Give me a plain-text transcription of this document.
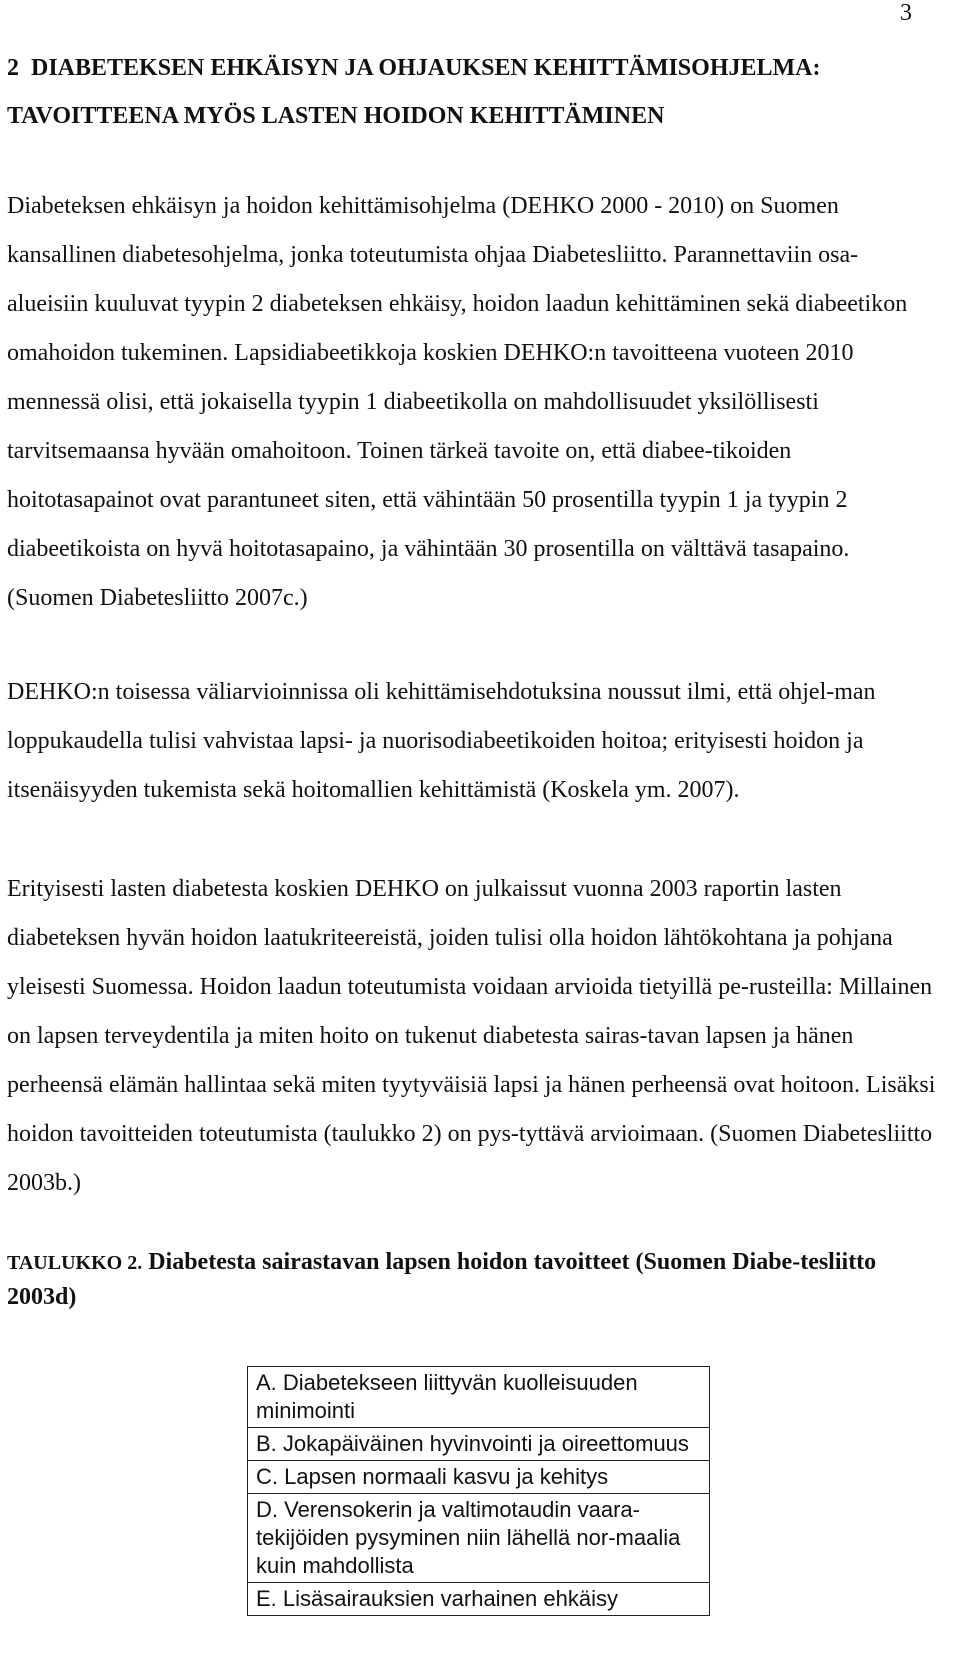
3
2 DIABETEKSEN EHKÄISYN JA OHJAUKSEN KEHITTÄMISOHJELMA:
TAVOITTEENA MYÖS LASTEN HOIDON KEHITTÄMINEN

Diabeteksen ehkäisyn ja hoidon kehittämisohjelma (DEHKO 2000 - 2010) on Suomen kansallinen diabetesohjelma, jonka toteutumista ohjaa Diabetesliitto. Parannettaviin osa-alueisiin kuuluvat tyypin 2 diabeteksen ehkäisy, hoidon laadun kehittäminen sekä diabeetikon omahoidon tukeminen. Lapsidiabeetikkoja koskien DEHKO:n tavoitteena vuoteen 2010 mennessä olisi, että jokaisella tyypin 1 diabeetikolla on mahdollisuudet yksilöllisesti tarvitsemaansa hyvään omahoitoon. Toinen tärkeä tavoite on, että diabee-tikoiden hoitotasapainot ovat parantuneet siten, että vähintään 50 prosentilla tyypin 1 ja tyypin 2 diabeetikoista on hyvä hoitotasapaino, ja vähintään 30 prosentilla on välttävä tasapaino. (Suomen Diabetesliitto 2007c.)

DEHKO:n toisessa väliarvioinnissa oli kehittämisehdotuksina noussut ilmi, että ohjel-man loppukaudella tulisi vahvistaa lapsi- ja nuorisodiabeetikoiden hoitoa; erityisesti hoidon ja itsenäisyyden tukemista sekä hoitomallien kehittämistä (Koskela ym. 2007).

Erityisesti lasten diabetesta koskien DEHKO on julkaissut vuonna 2003 raportin lasten diabeteksen hyvän hoidon laatukriteereistä, joiden tulisi olla hoidon lähtökohtana ja pohjana yleisesti Suomessa. Hoidon laadun toteutumista voidaan arvioida tietyillä pe-rusteilla: Millainen on lapsen terveydentila ja miten hoito on tukenut diabetesta sairas-tavan lapsen ja hänen perheensä elämän hallintaa sekä miten tyytyväisiä lapsi ja hänen perheensä ovat hoitoon. Lisäksi hoidon tavoitteiden toteutumista (taulukko 2) on pys-tyttävä arvioimaan. (Suomen Diabetesliitto 2003b.)

TAULUKKO 2. Diabetesta sairastavan lapsen hoidon tavoitteet (Suomen Diabe-tesliitto 2003d)

A. Diabetekseen liittyvän kuolleisuuden minimointi
B. Jokapäiväinen hyvinvointi ja oireettomuus
C. Lapsen normaali kasvu ja kehitys
D. Verensokerin ja valtimotaudin vaara-tekijöiden pysyminen niin lähellä nor-maalia kuin mahdollista
E. Lisäsairauksien varhainen ehkäisy
